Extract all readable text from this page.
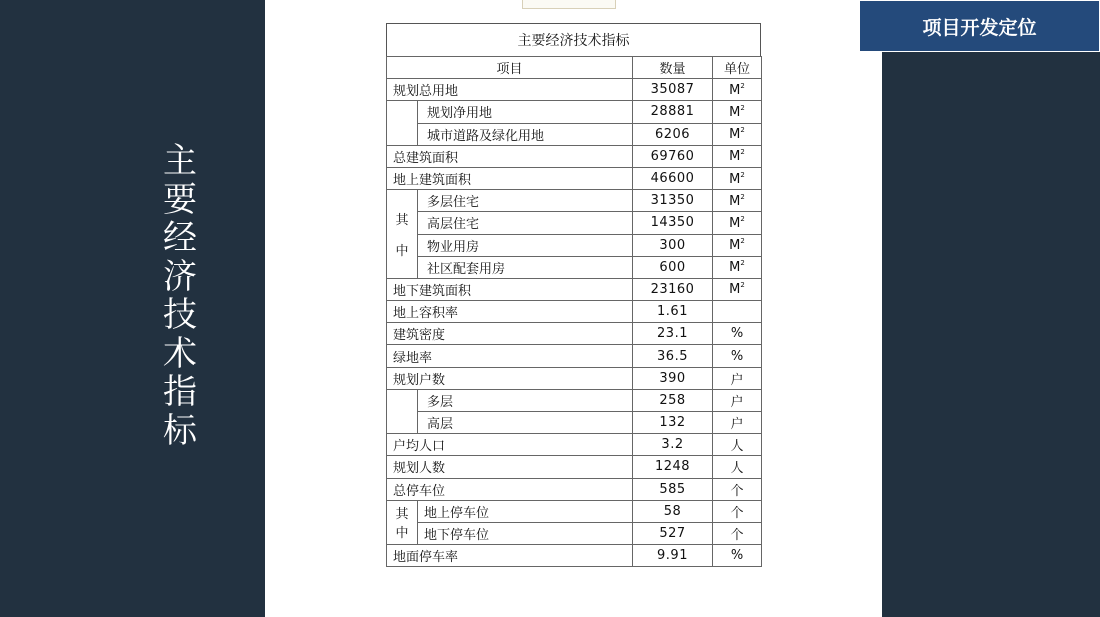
主
要
经
济
技
术
指
标
项目开发定位
主要经济技术指标
项目		数量	单位
规划总用地		35087	$M^2$
	规划净用地	28881	$M^2$
	城市道路及绿化用地	6206	$M^2$
总建筑面积		69760	$M^2$
地上建筑面积		46600	$M^2$

其
中	多层住宅	31350	$M^2$
	高层住宅	14350	$M^2$
	物业用房	300	$M^2$
	社区配套用房	600	$M^2$
地下建筑面积		23160	$M^2$
地上容积率		1.61	
建筑密度		23.1	%
绿地率		36.5	%
规划户数		390	户
	多层	258	户
	高层	132	户
户均人口		3.2	人
规划人数		1248	人
总停车位		585	个

其
中	地上停车位	58	个
	地下停车位	527	个
地面停车率		9.91	%
